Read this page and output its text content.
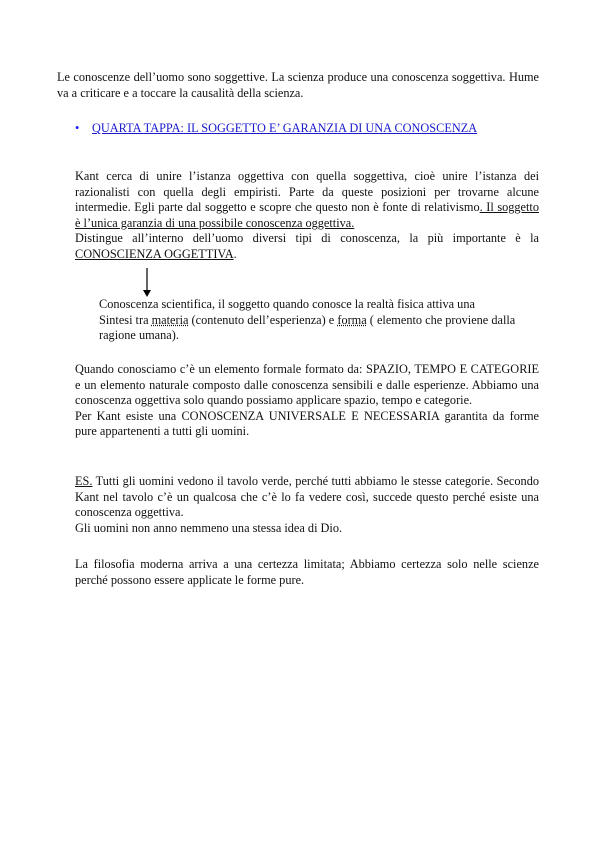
Le conoscenze dell’uomo sono soggettive. La scienza produce una conoscenza soggettiva. Hume va a criticare e a toccare la causalità della scienza.

• QUARTA TAPPA: IL SOGGETTO E’ GARANZIA DI UNA CONOSCENZA

Kant cerca di unire l’istanza oggettiva con quella soggettiva, cioè unire l’istanza dei razionalisti con quella degli empiristi. Parte da queste posizioni per trovarne alcune intermedie. Egli parte dal soggetto e scopre che questo non è fonte di relativismo. Il soggetto è l’unica garanzia di una possibile conoscenza oggettiva.

Distingue all’interno dell’uomo diversi tipi di conoscenza, la più importante è la CONOSCIENZA OGGETTIVA.

Conoscenza scientifica, il soggetto quando conosce la realtà fisica attiva una

Sintesi tra materia (contenuto dell’esperienza) e forma ( elemento che proviene dalla ragione umana).

Quando conosciamo c’è un elemento formale formato da: SPAZIO, TEMPO E CATEGORIE e un elemento naturale composto dalle conoscenza sensibili e dalle esperienze. Abbiamo una conoscenza oggettiva solo quando possiamo applicare spazio, tempo e categorie.

Per Kant esiste una CONOSCENZA UNIVERSALE E NECESSARIA garantita da forme pure appartenenti a tutti gli uomini.

ES. Tutti gli uomini vedono il tavolo verde, perché tutti abbiamo le stesse categorie. Secondo Kant nel tavolo c’è un qualcosa che c’è lo fa vedere così, succede questo perché esiste una conoscenza oggettiva.

Gli uomini non anno nemmeno una stessa idea di Dio.

La filosofia moderna arriva a una certezza limitata; Abbiamo certezza solo nelle scienze perché possono essere applicate le forme pure.
